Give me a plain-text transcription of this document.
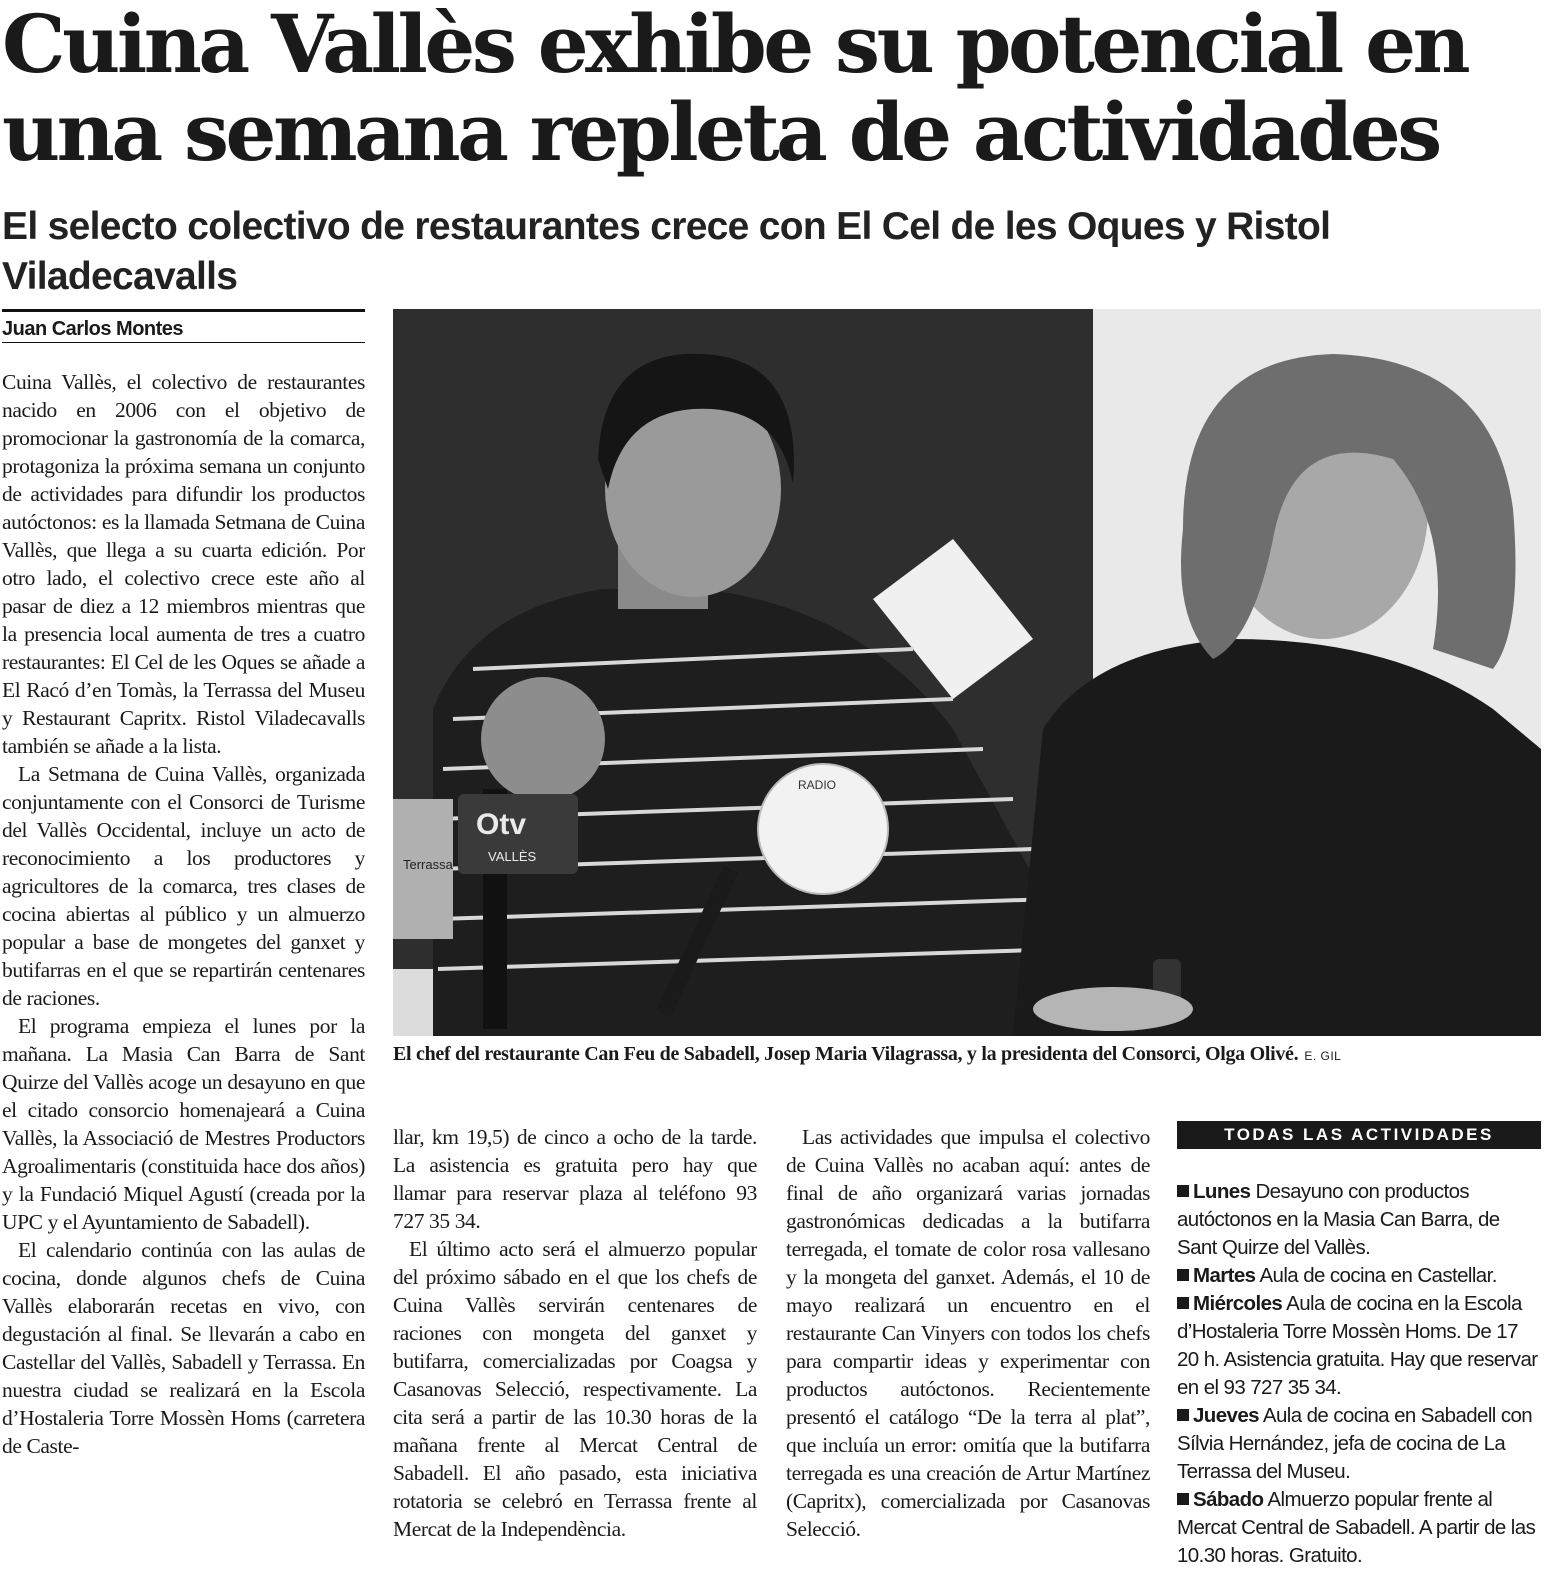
Cuina Vallès exhibe su potencial en una semana repleta de actividades
El selecto colectivo de restaurantes crece con El Cel de les Oques y Ristol Viladecavalls
Juan Carlos Montes

Cuina Vallès, el colectivo de restaurantes nacido en 2006 con el objetivo de promocionar la gastronomía de la comarca, protagoniza la próxima semana un conjunto de actividades para difundir los productos autóctonos: es la llamada Setmana de Cuina Vallès, que llega a su cuarta edición. Por otro lado, el colectivo crece este año al pasar de diez a 12 miembros mientras que la presencia local aumenta de tres a cuatro restaurantes: El Cel de les Oques se añade a El Racó d’en Tomàs, la Terrassa del Museu y Restaurant Capritx. Ristol Viladecavalls también se añade a la lista.

La Setmana de Cuina Vallès, organizada conjuntamente con el Consorci de Turisme del Vallès Occidental, incluye un acto de reconocimiento a los productores y agricultores de la comarca, tres clases de cocina abiertas al público y un almuerzo popular a base de mongetes del ganxet y butifarras en el que se repartirán centenares de raciones.

El programa empieza el lunes por la mañana. La Masia Can Barra de Sant Quirze del Vallès acoge un desayuno en que el citado consorcio homenajeará a Cuina Vallès, la Associació de Mestres Productors Agroalimentaris (constituida hace dos años) y la Fundació Miquel Agustí (creada por la UPC y el Ayuntamiento de Sabadell).

El calendario continúa con las aulas de cocina, donde algunos chefs de Cuina Vallès elaborarán recetas en vivo, con degustación al final. Se llevarán a cabo en Castellar del Vallès, Sabadell y Terrassa. En nuestra ciudad se realizará en la Escola d’Hostaleria Torre Mossèn Homs (carretera de Caste-

Otv
VALLÈS
Terrassa
RADIO
El chef del restaurante Can Feu de Sabadell, Josep Maria Vilagrassa, y la presidenta del Consorci, Olga Olivé. E. GIL

llar, km 19,5) de cinco a ocho de la tarde. La asistencia es gratuita pero hay que llamar para reservar plaza al teléfono 93 727 35 34.

El último acto será el almuerzo popular del próximo sábado en el que los chefs de Cuina Vallès servirán centenares de raciones con mongeta del ganxet y butifarra, comercializadas por Coagsa y Casanovas Selecció, respectivamente. La cita será a partir de las 10.30 horas de la mañana frente al Mercat Central de Sabadell. El año pasado, esta iniciativa rotatoria se celebró en Terrassa frente al Mercat de la Independència.

Las actividades que impulsa el colectivo de Cuina Vallès no acaban aquí: antes de final de año organizará varias jornadas gastronómicas dedicadas a la butifarra terregada, el tomate de color rosa vallesano y la mongeta del ganxet. Además, el 10 de mayo realizará un encuentro en el restaurante Can Vinyers con todos los chefs para compartir ideas y experimentar con productos autóctonos. Recientemente presentó el catálogo “De la terra al plat”, que incluía un error: omitía que la butifarra terregada es una creación de Artur Martínez (Capritx), comercializada por Casanovas Selecció.

TODAS LAS ACTIVIDADES
Lunes Desayuno con productos autóctonos en la Masia Can Barra, de Sant Quirze del Vallès.
Martes Aula de cocina en Castellar.
Miércoles Aula de cocina en la Escola d’Hostaleria Torre Mossèn Homs. De 17 20 h. Asistencia gratuita. Hay que reservar en el 93 727 35 34.
Jueves Aula de cocina en Sabadell con Sílvia Hernández, jefa de cocina de La Terrassa del Museu.
Sábado Almuerzo popular frente al Mercat Central de Sabadell. A partir de las 10.30 horas. Gratuito.
